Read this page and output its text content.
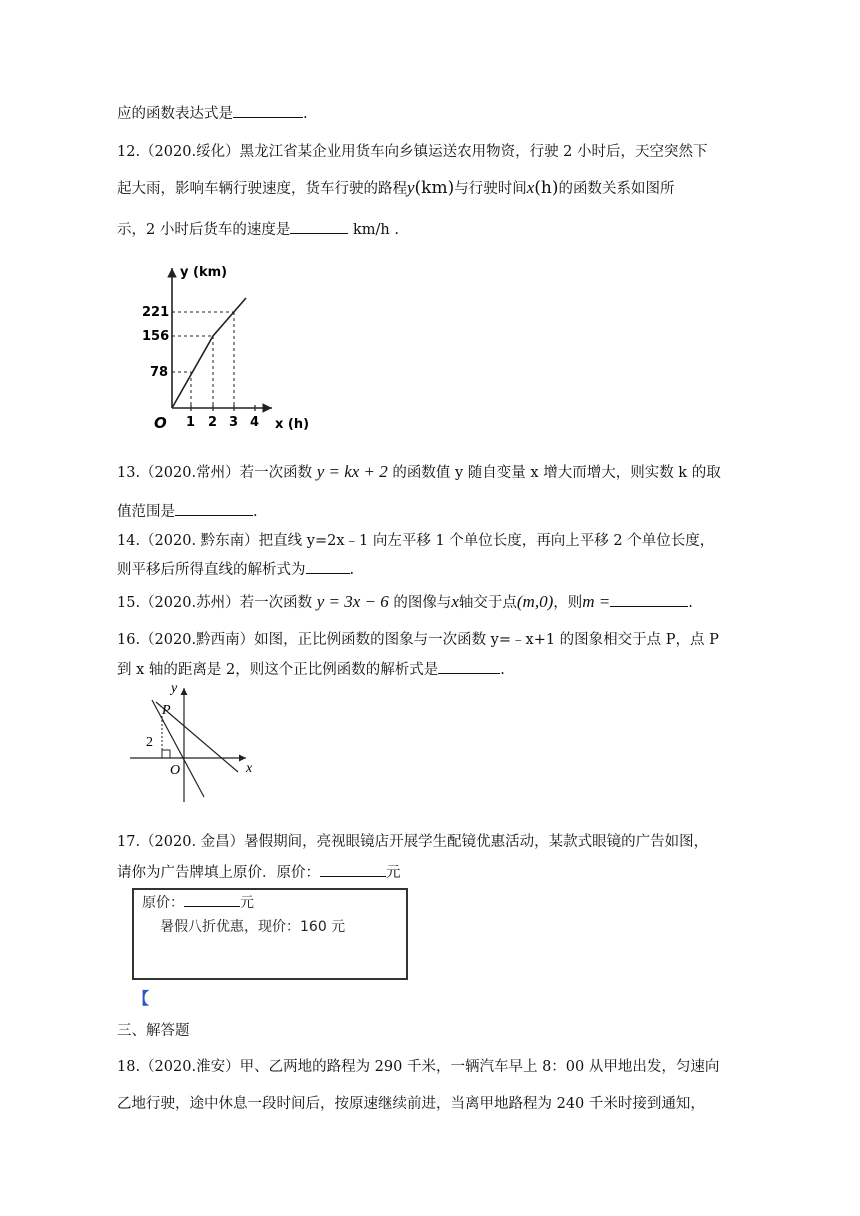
应的函数表达式是	.
12.（2020.绥化）黑龙江省某企业用货车向乡镇运送农用物资，行驶 2 小时后，天空突然下
起大雨，影响车辆行驶速度，货车行驶的路程y(km)与行驶时间x(h)的函数关系如图所
示，2 小时后货车的速度是	km/h .
y (km)
221
156
78
O 1 2 3 4 x (h)
13.（2020.常州）若一次函数 y = kx + 2 的函数值 y 随自变量 x 增大而增大，则实数 k 的取
值范围是	.
14.（2020. 黔东南）把直线 y=2x﹣1 向左平移 1 个单位长度，再向上平移 2 个单位长度，
则平移后所得直线的解析式为	.
15.（2020.苏州）若一次函数 y = 3x − 6 的图像与x轴交于点(m,0)，则m =	.
16.（2020.黔西南）如图，正比例函数的图象与一次函数 y=﹣x+1 的图象相交于点 P，点 P
到 x 轴的距离是 2，则这个正比例函数的解析式是	.
y
x
O
P
2
17.（2020. 金昌）暑假期间，亮视眼镜店开展学生配镜优惠活动，某款式眼镜的广告如图，
请你为广告牌填上原价．原价：	元
原价：	元
暑假八折优惠，现价：160 元
【
三、解答题
18.（2020.淮安）甲、乙两地的路程为 290 千米，一辆汽车早上 8：00 从甲地出发，匀速向
乙地行驶，途中休息一段时间后，按原速继续前进，当离甲地路程为 240 千米时接到通知，
